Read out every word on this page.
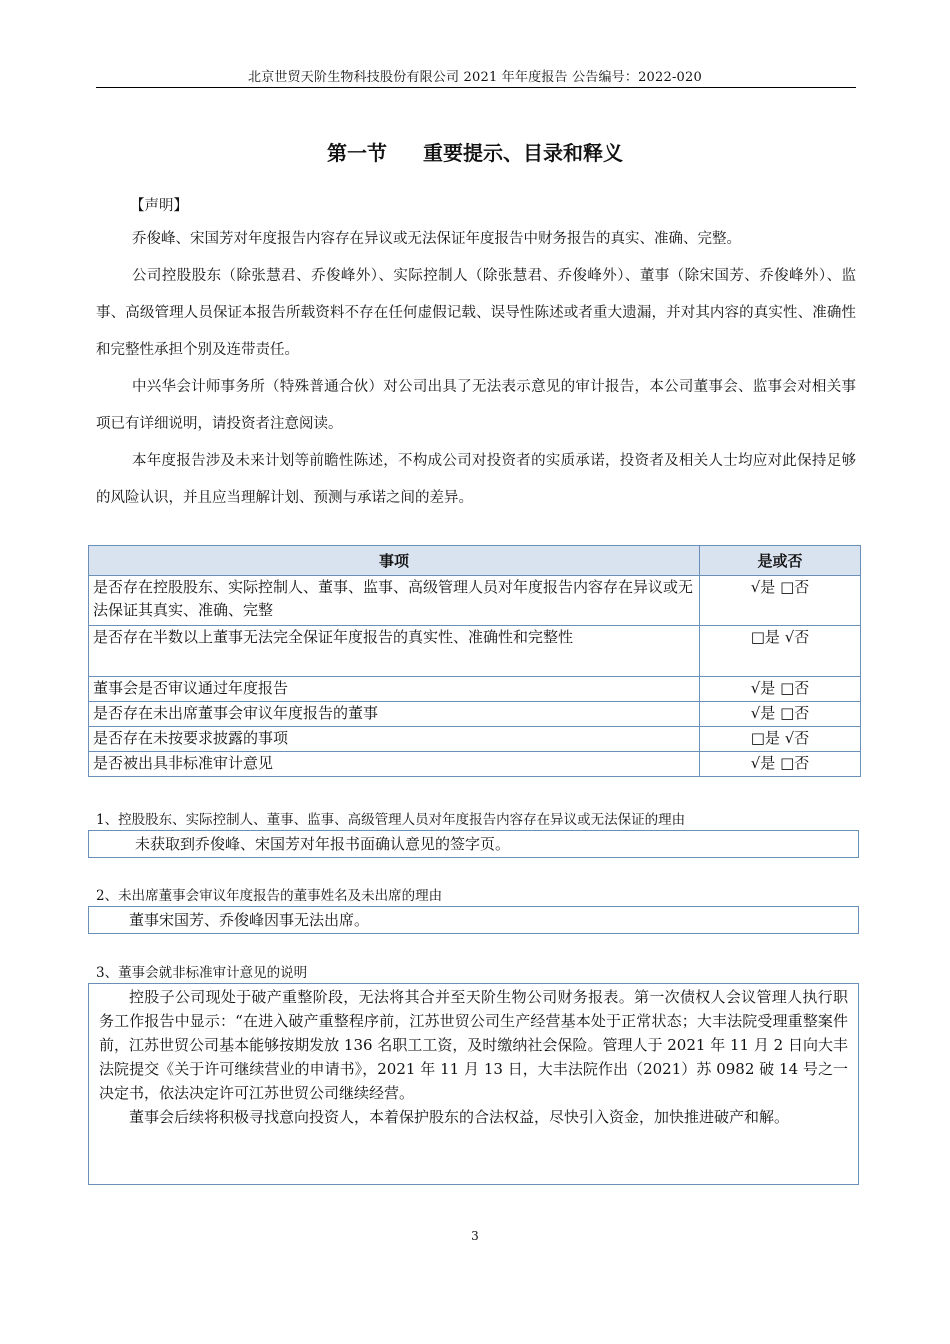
北京世贸天阶生物科技股份有限公司 2021 年年度报告 公告编号：2022-020
第一节 重要提示、目录和释义
【声明】

乔俊峰、宋国芳对年度报告内容存在异议或无法保证年度报告中财务报告的真实、准确、完整。

公司控股股东（除张慧君、乔俊峰外）、实际控制人（除张慧君、乔俊峰外）、董事（除宋国芳、乔俊峰外）、监事、高级管理人员保证本报告所载资料不存在任何虚假记载、误导性陈述或者重大遗漏，并对其内容的真实性、准确性和完整性承担个别及连带责任。

中兴华会计师事务所（特殊普通合伙）对公司出具了无法表示意见的审计报告，本公司董事会、监事会对相关事项已有详细说明，请投资者注意阅读。

本年度报告涉及未来计划等前瞻性陈述，不构成公司对投资者的实质承诺，投资者及相关人士均应对此保持足够的风险认识，并且应当理解计划、预测与承诺之间的差异。

事项	是或否
是否存在控股股东、实际控制人、董事、监事、高级管理人员对年度报告内容存在异议或无法保证其真实、准确、完整	√是 □否
是否存在半数以上董事无法完全保证年度报告的真实性、准确性和完整性	□是 √否
董事会是否审议通过年度报告	√是 □否
是否存在未出席董事会审议年度报告的董事	√是 □否
是否存在未按要求披露的事项	□是 √否
是否被出具非标准审计意见	√是 □否
1、控股股东、实际控制人、董事、监事、高级管理人员对年度报告内容存在异议或无法保证的理由

未获取到乔俊峰、宋国芳对年报书面确认意见的签字页。

2、未出席董事会审议年度报告的董事姓名及未出席的理由

董事宋国芳、乔俊峰因事无法出席。

3、董事会就非标准审计意见的说明

控股子公司现处于破产重整阶段，无法将其合并至天阶生物公司财务报表。第一次债权人会议管理人执行职务工作报告中显示：“在进入破产重整程序前，江苏世贸公司生产经营基本处于正常状态；大丰法院受理重整案件前，江苏世贸公司基本能够按期发放 136 名职工工资，及时缴纳社会保险。管理人于 2021 年 11 月 2 日向大丰法院提交《关于许可继续营业的申请书》，2021 年 11 月 13 日，大丰法院作出（2021）苏 0982 破 14 号之一决定书，依法决定许可江苏世贸公司继续经营。

董事会后续将积极寻找意向投资人，本着保护股东的合法权益，尽快引入资金，加快推进破产和解。

3
